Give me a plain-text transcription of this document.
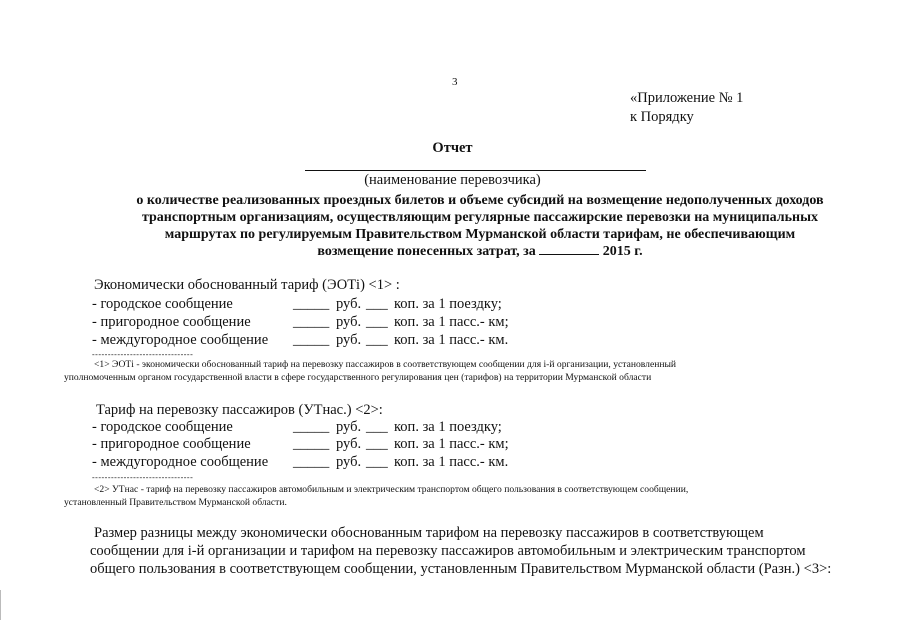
3
«Приложение № 1
к Порядку
Отчет
(наименование перевозчика)
о количестве реализованных проездных билетов и объеме субсидий на возмещение недополученных доходов
транспортным организациям, осуществляющим регулярные пассажирские перевозки на муниципальных
маршрутах по регулируемым Правительством Мурманской области тарифам, не обеспечивающим
возмещение понесенных затрат, за	2015 г.
Экономически обоснованный тариф (ЭОТi) <1> :
- городское сообщение	_____ руб. ___ коп. за 1 поездку;
- пригородное сообщение	_____ руб. ___ коп. за 1 пасс.- км;
- междугородное сообщение _____ руб. ___ коп. за 1 пасс.- км.
--------------------------------
<1> ЭОТi - экономически обоснованный тариф на перевозку пассажиров в соответствующем сообщении для i-й организации, установленный
уполномоченным органом государственной власти в сфере государственного регулирования цен (тарифов) на территории Мурманской области
Тариф на перевозку пассажиров (УТнас.) <2>:
- городское сообщение	_____ руб. ___ коп. за 1 поездку;
- пригородное сообщение	_____ руб. ___ коп. за 1 пасс.- км;
- междугородное сообщение _____ руб. ___ коп. за 1 пасс.- км.
--------------------------------
<2> УТнас - тариф на перевозку пассажиров автомобильным и электрическим транспортом общего пользования в соответствующем сообщении,
установленный Правительством Мурманской области.
Размер разницы между экономически обоснованным тарифом на перевозку пассажиров в соответствующем
сообщении для i-й организации и тарифом на перевозку пассажиров автомобильным и электрическим транспортом
общего пользования в соответствующем сообщении, установленным Правительством Мурманской области (Разн.) <3>:
